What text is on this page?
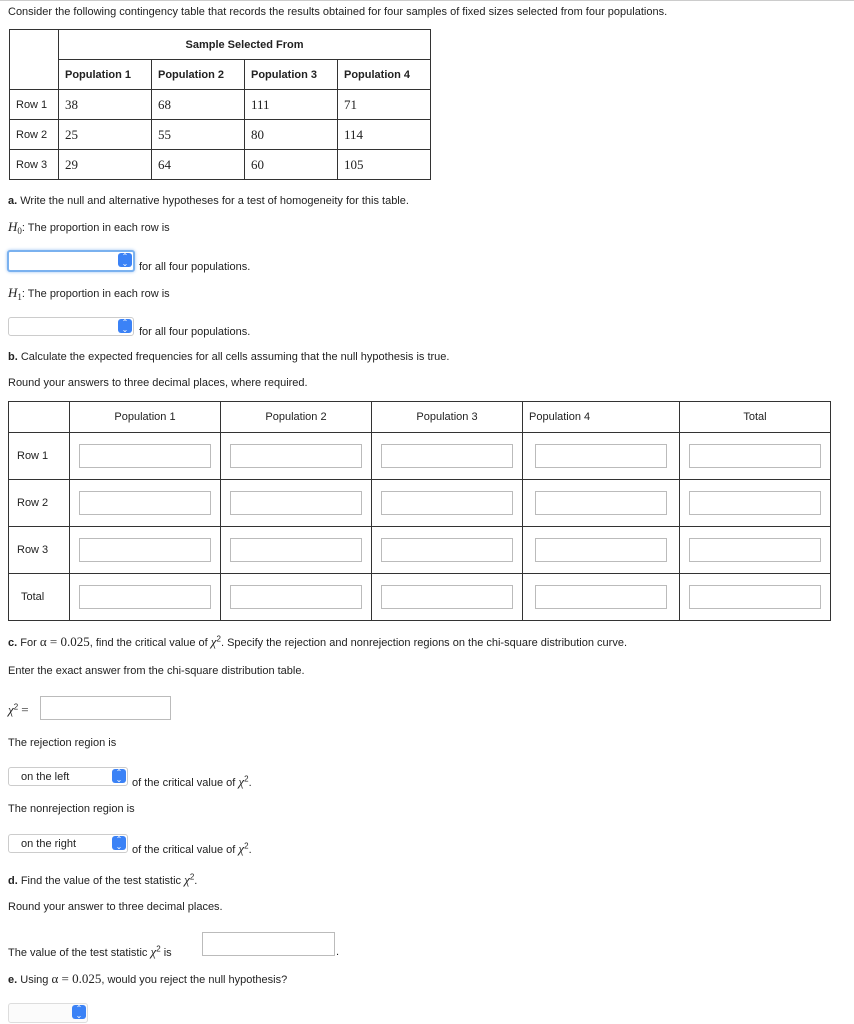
Consider the following contingency table that records the results obtained for four samples of fixed sizes selected from four populations.
	Sample Selected From			
	Population 1	Population 2	Population 3	Population 4
Row 1	38	68	111	71
Row 2	25	55	80	114
Row 3	29	64	60	105
a. Write the null and alternative hypotheses for a test of homogeneity for this table.
$H_0$: The proportion in each row is
⌃
⌄ for all four populations.
$H_1$: The proportion in each row is
⌃
⌄ for all four populations.
b. Calculate the expected frequencies for all cells assuming that the null hypothesis is true.
Round your answers to three decimal places, where required.
	Population 1	Population 2	Population 3	Population 4	Total
Row 1	

Row 2	

Row 3	

Total	

c. For α = 0.025, find the critical value of $\chi^2$. Specify the rejection and nonrejection regions on the chi-square distribution curve.
Enter the exact answer from the chi-square distribution table.
$\chi^2$ =
The rejection region is
on the left	⌃
⌄ of the critical value of $\chi^2$.
The nonrejection region is
on the right	⌃
⌄ of the critical value of $\chi^2$.
d. Find the value of the test statistic $\chi^2$.
Round your answer to three decimal places.
The value of the test statistic $\chi^2$ is	.
e. Using α = 0.025, would you reject the null hypothesis?
⌃
⌄
